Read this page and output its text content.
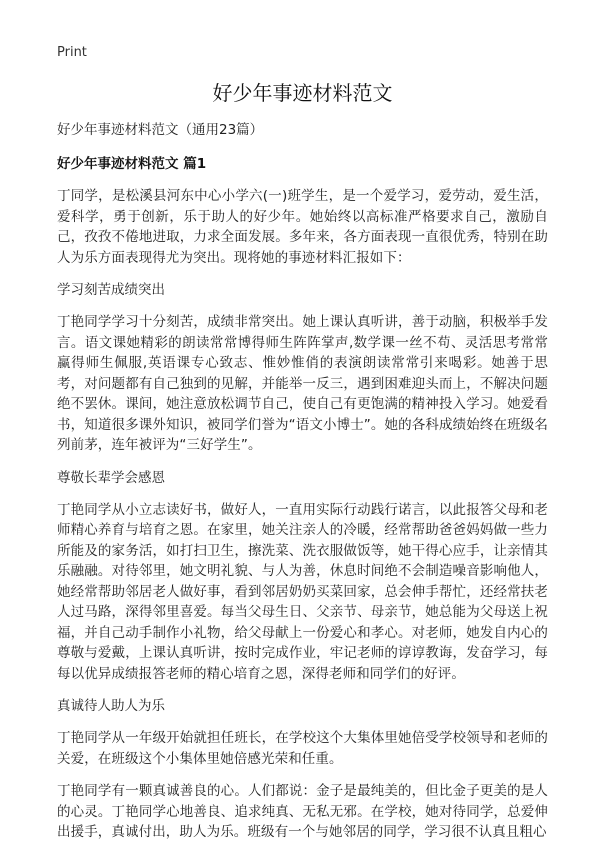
Print
好少年事迹材料范文

好少年事迹材料范文（通用23篇）

好少年事迹材料范文 篇1

丁同学，是松溪县河东中心小学六(一)班学生，是一个爱学习，爱劳动，爱生活，爱科学，勇于创新，乐于助人的好少年。她始终以高标准严格要求自己，激励自己，孜孜不倦地进取，力求全面发展。多年来，各方面表现一直很优秀，特别在助人为乐方面表现得尤为突出。现将她的事迹材料汇报如下：

学习刻苦成绩突出

丁艳同学学习十分刻苦，成绩非常突出。她上课认真听讲，善于动脑，积极举手发言。语文课她精彩的朗读常常博得师生阵阵掌声,数学课一丝不苟、灵活思考常常赢得师生佩服,英语课专心致志、惟妙惟俏的表演朗读常常引来喝彩。她善于思考，对问题都有自己独到的见解，并能举一反三，遇到困难迎头而上，不解决问题绝不罢休。课间，她注意放松调节自己，使自己有更饱满的精神投入学习。她爱看书，知道很多课外知识，被同学们誉为“语文小博士”。她的各科成绩始终在班级名列前茅，连年被评为“三好学生”。

尊敬长辈学会感恩

丁艳同学从小立志读好书，做好人，一直用实际行动践行诺言，以此报答父母和老师精心养育与培育之恩。在家里，她关注亲人的冷暖，经常帮助爸爸妈妈做一些力所能及的家务活，如打扫卫生，擦洗菜、洗衣服做饭等，她干得心应手，让亲情其乐融融。对待邻里，她文明礼貌、与人为善，休息时间绝不会制造噪音影响他人，她经常帮助邻居老人做好事，看到邻居奶奶买菜回家，总会伸手帮忙，还经常扶老人过马路，深得邻里喜爱。每当父母生日、父亲节、母亲节，她总能为父母送上祝福，并自己动手制作小礼物，给父母献上一份爱心和孝心。对老师，她发自内心的尊敬与爱戴，上课认真听讲，按时完成作业，牢记老师的谆谆教诲，发奋学习，每每以优异成绩报答老师的精心培育之恩，深得老师和同学们的好评。

真诚待人助人为乐

丁艳同学从一年级开始就担任班长，在学校这个大集体里她倍受学校领导和老师的关爱，在班级这个小集体里她倍感光荣和任重。

丁艳同学有一颗真诚善良的心。人们都说：金子是最纯美的，但比金子更美的是人的心灵。丁艳同学心地善良、追求纯真、无私无邪。在学校，她对待同学，总爱伸出援手，真诚付出，助人为乐。班级有一个与她邻居的同学，学习很不认真且粗心
